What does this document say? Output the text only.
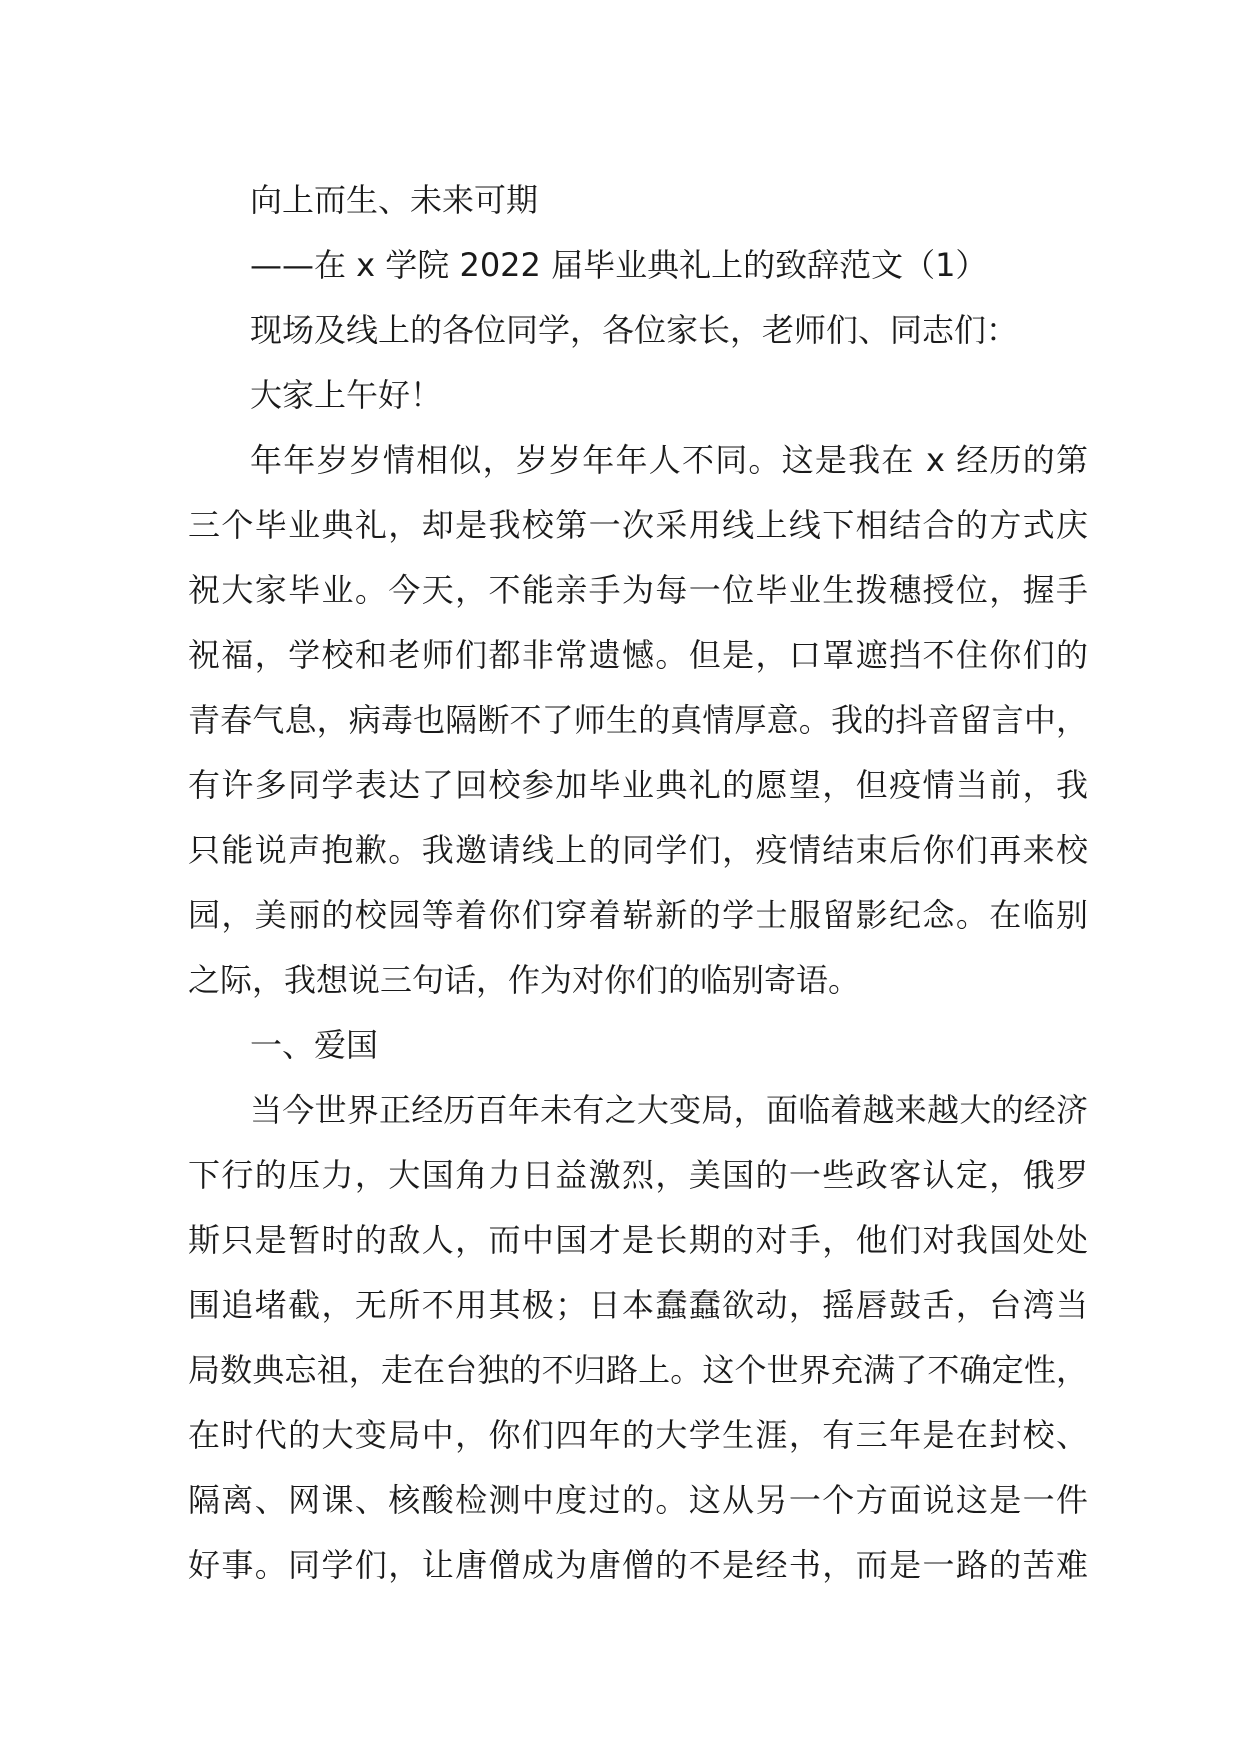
向上而生、未来可期
——在 x 学院 2022 届毕业典礼上的致辞范文（1）
现场及线上的各位同学，各位家长，老师们、同志们：
大家上午好！

年年岁岁情相似，岁岁年年人不同。这是我在 x 经历的第
三个毕业典礼，却是我校第一次采用线上线下相结合的方式庆
祝大家毕业。今天，不能亲手为每一位毕业生拨穗授位，握手
祝福，学校和老师们都非常遗憾。但是，口罩遮挡不住你们的
青春气息，病毒也隔断不了师生的真情厚意。我的抖音留言中，
有许多同学表达了回校参加毕业典礼的愿望，但疫情当前，我
只能说声抱歉。我邀请线上的同学们，疫情结束后你们再来校
园，美丽的校园等着你们穿着崭新的学士服留影纪念。在临别
之际，我想说三句话，作为对你们的临别寄语。

一、爱国

当今世界正经历百年未有之大变局，面临着越来越大的经济
下行的压力，大国角力日益激烈，美国的一些政客认定，俄罗
斯只是暂时的敌人，而中国才是长期的对手，他们对我国处处
围追堵截，无所不用其极；日本蠢蠢欲动，摇唇鼓舌，台湾当
局数典忘祖，走在台独的不归路上。这个世界充满了不确定性，
在时代的大变局中，你们四年的大学生涯，有三年是在封校、
隔离、网课、核酸检测中度过的。这从另一个方面说这是一件
好事。同学们，让唐僧成为唐僧的不是经书，而是一路的苦难
